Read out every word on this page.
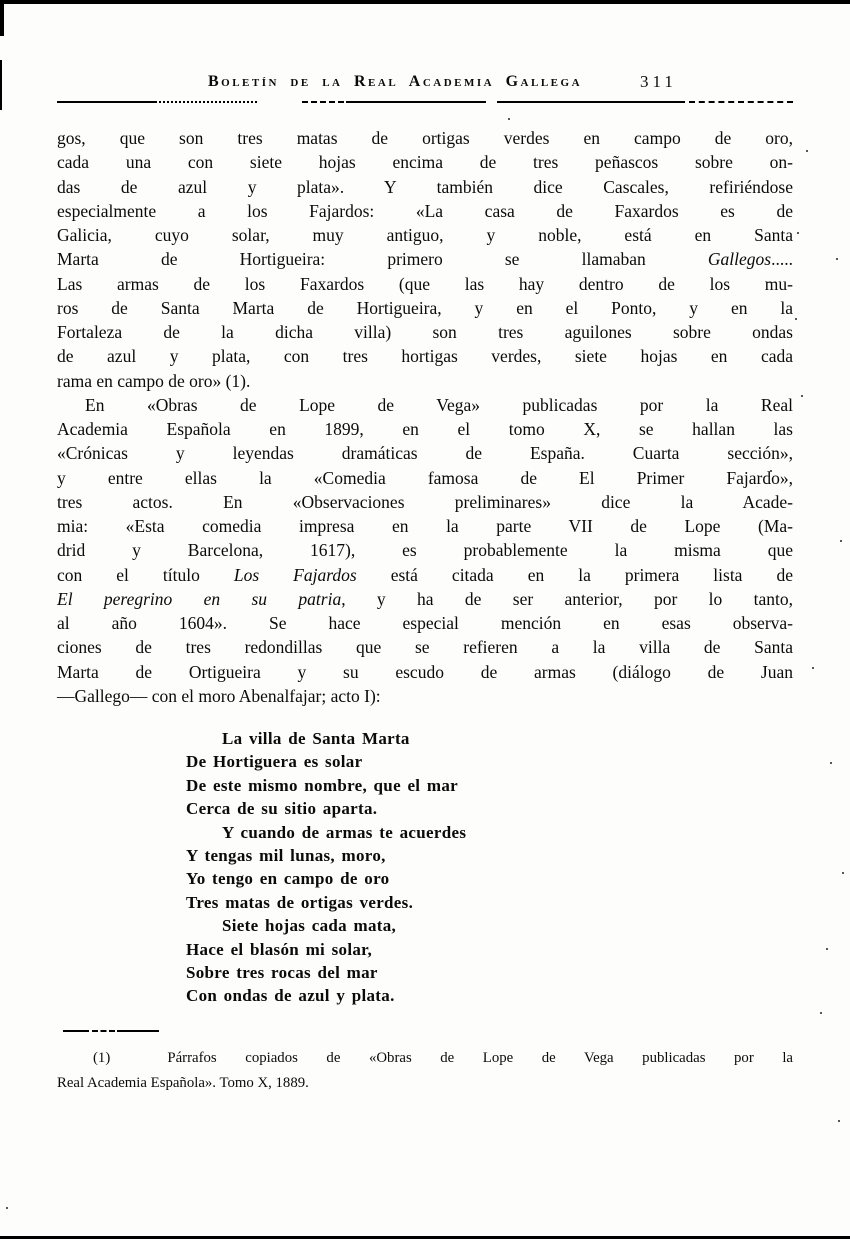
Boletín de la Real Academia Gallega	311
gos, que son tres matas de ortigas verdes en campo de oro,
cada una con siete hojas encima de tres peñascos sobre on-
das de azul y plata». Y también dice Cascales, refiriéndose
especialmente a los Fajardos: «La casa de Faxardos es de
Galicia, cuyo solar, muy antiguo, y noble, está en Santa
Marta de Hortigueira: primero se llamaban Gallegos.....
Las armas de los Faxardos (que las hay dentro de los mu-
ros de Santa Marta de Hortigueira, y en el Ponto, y en la
Fortaleza de la dicha villa) son tres aguilones sobre ondas
de azul y plata, con tres hortigas verdes, siete hojas en cada
rama en campo de oro» (1).
En «Obras de Lope de Vega» publicadas por la Real
Academia Española en 1899, en el tomo X, se hallan las
«Crónicas y leyendas dramáticas de España. Cuarta sección»,
y entre ellas la «Comedia famosa de El Primer Fajardo»,
tres actos. En «Observaciones preliminares» dice la Acade-
mia: «Esta comedia impresa en la parte VII de Lope (Ma-
drid y Barcelona, 1617), es probablemente la misma que
con el título Los Fajardos está citada en la primera lista de
El peregrino en su patria, y ha de ser anterior, por lo tanto,
al año 1604». Se hace especial mención en esas observa-
ciones de tres redondillas que se refieren a la villa de Santa
Marta de Ortigueira y su escudo de armas (diálogo de Juan
—Gallego— con el moro Abenalfajar; acto I):
La villa de Santa Marta
De Hortiguera es solar
De este mismo nombre, que el mar
Cerca de su sitio aparta.
Y cuando de armas te acuerdes
Y tengas mil lunas, moro,
Yo tengo en campo de oro
Tres matas de ortigas verdes.
Siete hojas cada mata,
Hace el blasón mi solar,
Sobre tres rocas del mar
Con ondas de azul y plata.
(1)  Párrafos copiados de «Obras de Lope de Vega publicadas por la
Real Academia Española». Tomo X, 1889.
